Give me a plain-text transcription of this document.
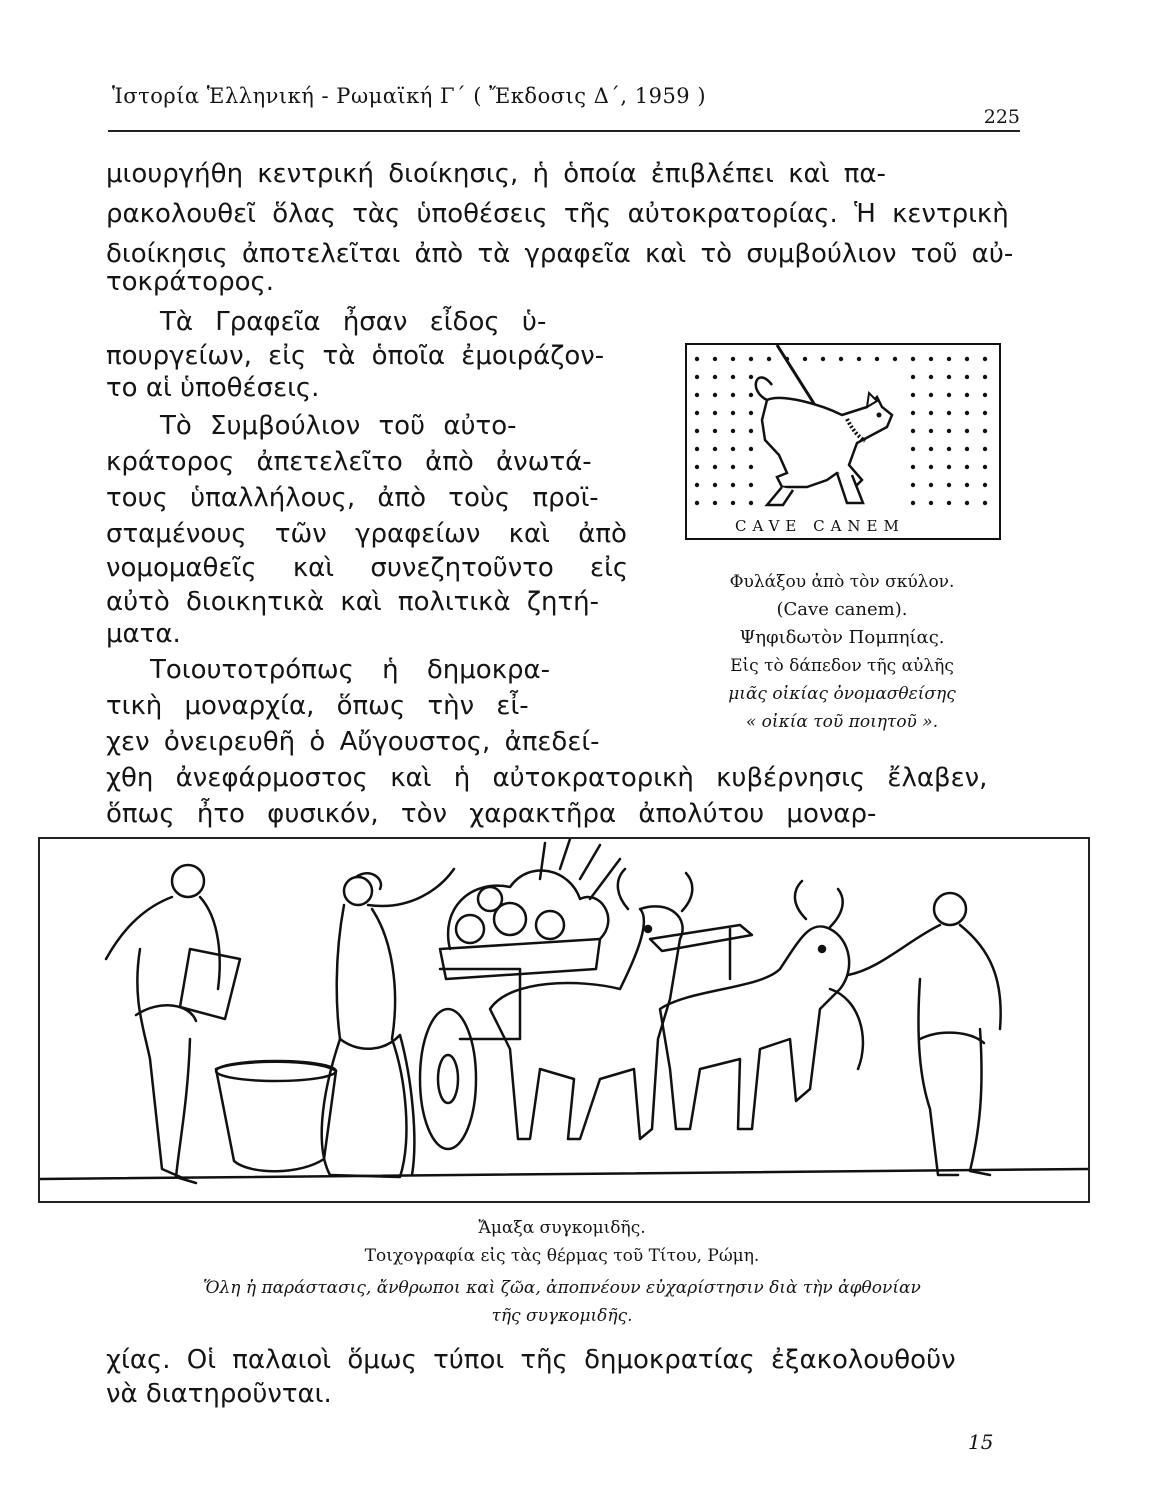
Ἱστορία Ἑλληνική - Ρωμαϊκή Γ΄ ( Ἔκδοσις Δ΄, 1959 )
225
μιουργήθη κεντρική διοίκησις, ἡ ὁποία ἐπιβλέπει καὶ πα-
ρακολουθεῖ ὅλας τὰς ὑποθέσεις τῆς αὐτοκρατορίας. Ἡ κεντρικὴ
διοίκησις ἀποτελεῖται ἀπὸ τὰ γραφεῖα καὶ τὸ συμβούλιον τοῦ αὐ-
τοκράτορος.
Τὰ Γραφεῖα ἦσαν εἶδος ὑ-
πουργείων, εἰς τὰ ὁποῖα ἐμοιράζον-
το αἱ ὑποθέσεις.
Τὸ Συμβούλιον τοῦ αὐτο-
κράτορος ἀπετελεῖτο ἀπὸ ἀνωτά-
τους ὑπαλλήλους, ἀπὸ τοὺς προϊ-
σταμένους τῶν γραφείων καὶ ἀπὸ
νομομαθεῖς καὶ συνεζητοῦντο εἰς
αὐτὸ διοικητικὰ καὶ πολιτικὰ ζητή-
ματα.
Τοιουτοτρόπως ἡ δημοκρα-
τικὴ μοναρχία, ὅπως τὴν εἶ-
χεν ὀνειρευθῆ ὁ Αὔγουστος, ἀπεδεί-
χθη ἀνεφάρμοστος καὶ ἡ αὐτοκρατορικὴ κυβέρνησις ἔλαβεν,
ὅπως ἦτο φυσικόν, τὸν χαρακτῆρα ἀπολύτου μοναρ-
χίας. Οἱ παλαιοὶ ὅμως τύποι τῆς δημοκρατίας ἐξακολουθοῦν
νὰ διατηροῦνται.
CAVE CANEM
Φυλάξου ἀπὸ τὸν σκύλον.
(Cave canem).
Ψηφιδωτὸν Πομπηίας.
Εἰς τὸ δάπεδον τῆς αὐλῆς
μιᾶς οἰκίας ὀνομασθείσης
« οἰκία τοῦ ποιητοῦ ».
Ἄμαξα συγκομιδῆς.
Τοιχογραφία εἰς τὰς θέρμας τοῦ Τίτου, Ρώμη.
Ὅλη ἡ παράστασις, ἄνθρωποι καὶ ζῶα, ἀποπνέουν εὐχαρίστησιν διὰ τὴν ἀφθονίαν
τῆς συγκομιδῆς.
15
